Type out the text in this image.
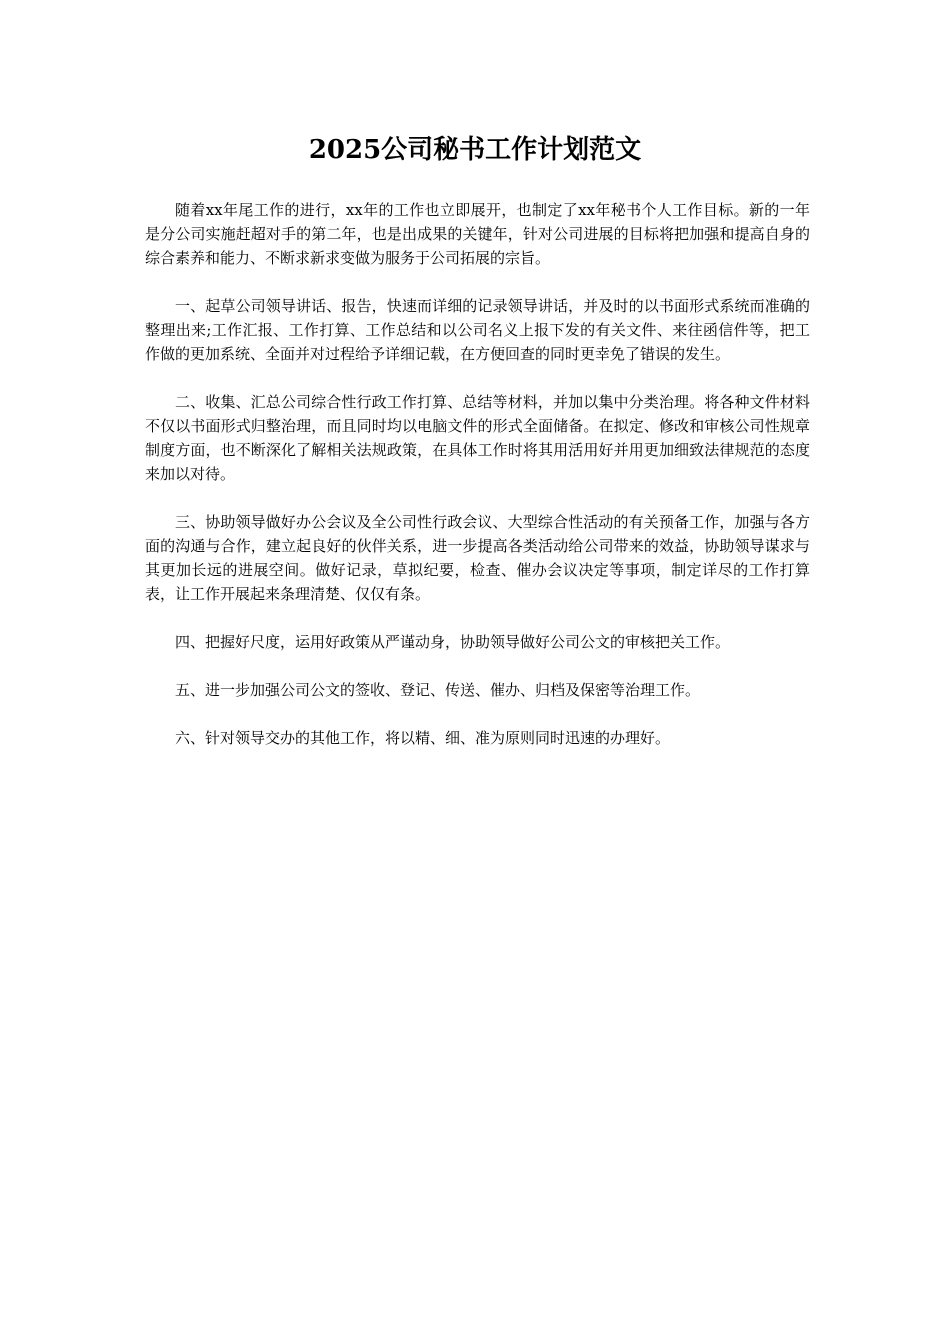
2025公司秘书工作计划范文

随着xx年尾工作的进行，xx年的工作也立即展开，也制定了xx年秘书个人工作目标。新的一年是分公司实施赶超对手的第二年，也是出成果的关键年，针对公司进展的目标将把加强和提高自身的综合素养和能力、不断求新求变做为服务于公司拓展的宗旨。

一、起草公司领导讲话、报告，快速而详细的记录领导讲话，并及时的以书面形式系统而准确的整理出来;工作汇报、工作打算、工作总结和以公司名义上报下发的有关文件、来往函信件等，把工作做的更加系统、全面并对过程给予详细记载，在方便回查的同时更幸免了错误的发生。

二、收集、汇总公司综合性行政工作打算、总结等材料，并加以集中分类治理。将各种文件材料不仅以书面形式归整治理，而且同时均以电脑文件的形式全面储备。在拟定、修改和审核公司性规章制度方面，也不断深化了解相关法规政策，在具体工作时将其用活用好并用更加细致法律规范的态度来加以对待。

三、协助领导做好办公会议及全公司性行政会议、大型综合性活动的有关预备工作，加强与各方面的沟通与合作，建立起良好的伙伴关系，进一步提高各类活动给公司带来的效益，协助领导谋求与其更加长远的进展空间。做好记录，草拟纪要，检查、催办会议决定等事项，制定详尽的工作打算表，让工作开展起来条理清楚、仅仅有条。

四、把握好尺度，运用好政策从严谨动身，协助领导做好公司公文的审核把关工作。

五、进一步加强公司公文的签收、登记、传送、催办、归档及保密等治理工作。

六、针对领导交办的其他工作，将以精、细、准为原则同时迅速的办理好。
